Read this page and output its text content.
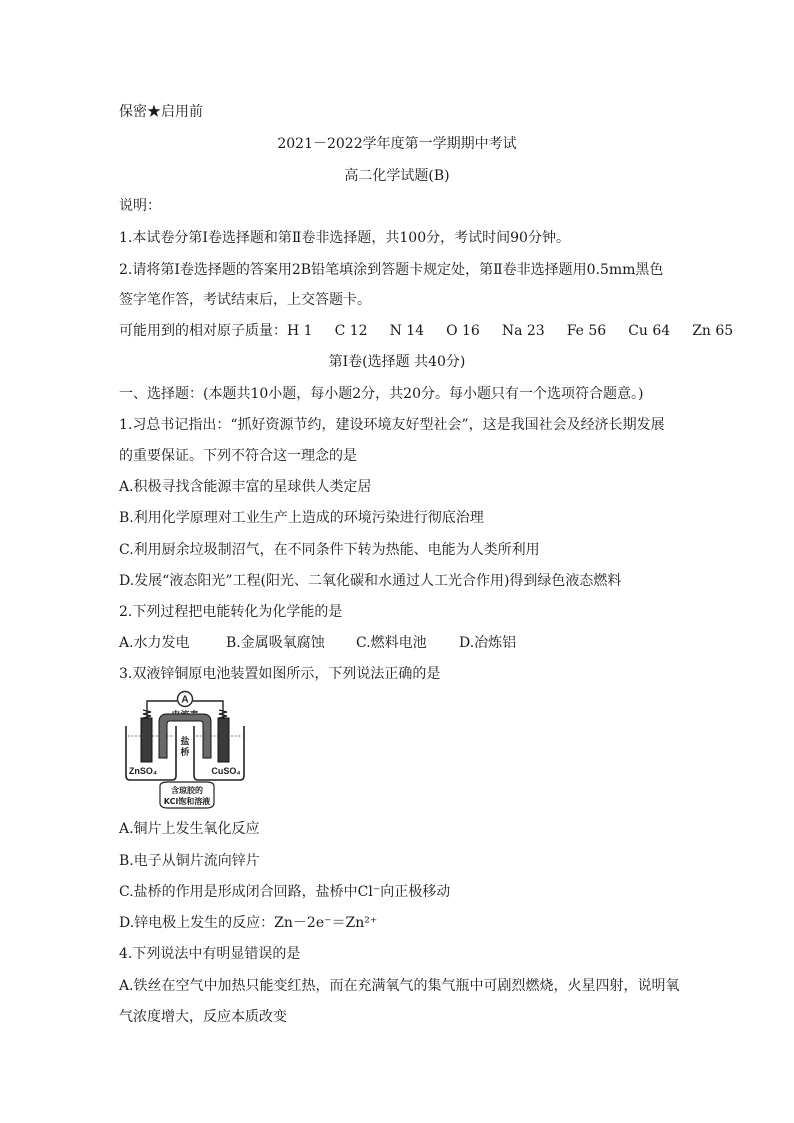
保密★启用前
2021－2022学年度第一学期期中考试
高二化学试题(B)
说明：
1.本试卷分第Ⅰ卷选择题和第Ⅱ卷非选择题，共100分，考试时间90分钟。
2.请将第Ⅰ卷选择题的答案用2B铅笔填涂到答题卡规定处，第Ⅱ卷非选择题用0.5mm黑色
签字笔作答，考试结束后，上交答题卡。
可能用到的相对原子质量：H 1 C 12 N 14 O 16 Na 23 Fe 56 Cu 64 Zn 65
第Ⅰ卷(选择题 共40分)
一、选择题：(本题共10小题，每小题2分，共20分。每小题只有一个选项符合题意。)
1.习总书记指出：“抓好资源节约，建设环境友好型社会”，这是我国社会及经济长期发展
的重要保证。下列不符合这一理念的是
A.积极寻找含能源丰富的星球供人类定居
B.利用化学原理对工业生产上造成的环境污染进行彻底治理
C.利用厨余垃圾制沼气，在不同条件下转为热能、电能为人类所利用
D.发展“液态阳光”工程(阳光、二氧化碳和水通过人工光合作用)得到绿色液态燃料
2.下列过程把电能转化为化学能的是
A.水力发电	B.金属吸氧腐蚀 C.燃料电池 D.冶炼铝
3.双液锌铜原电池装置如图所示，下列说法正确的是
A
盐
桥
ZnSO₄	CuSO₄
含琼胶的
KCl饱和溶液
A.铜片上发生氧化反应
B.电子从铜片流向锌片
C.盐桥的作用是形成闭合回路，盐桥中Cl⁻向正极移动
D.锌电极上发生的反应：Zn－2e⁻＝Zn²⁺
4.下列说法中有明显错误的是
A.铁丝在空气中加热只能变红热，而在充满氧气的集气瓶中可剧烈燃烧，火星四射，说明氧
气浓度增大，反应本质改变
